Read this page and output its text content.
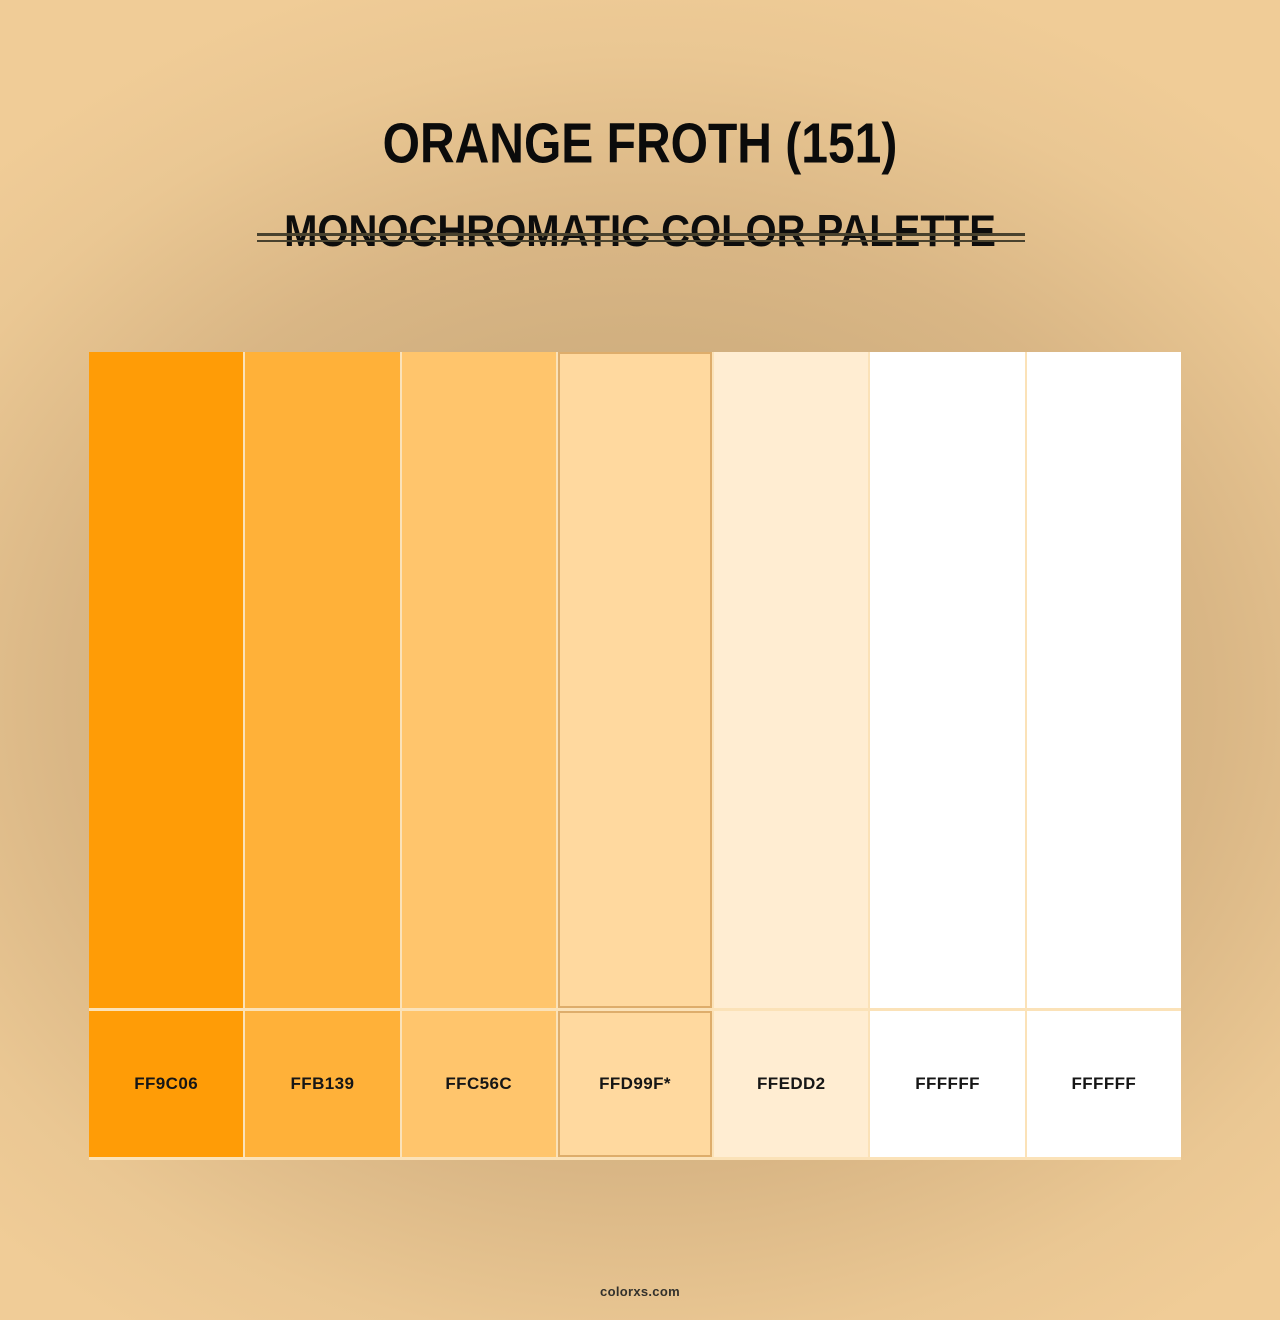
ORANGE FROTH (151)
MONOCHROMATIC COLOR PALETTE
FF9C06	FFB139	FFC56C	FFD99F*	FFEDD2	FFFFFF	FFFFFF
colorxs.com
